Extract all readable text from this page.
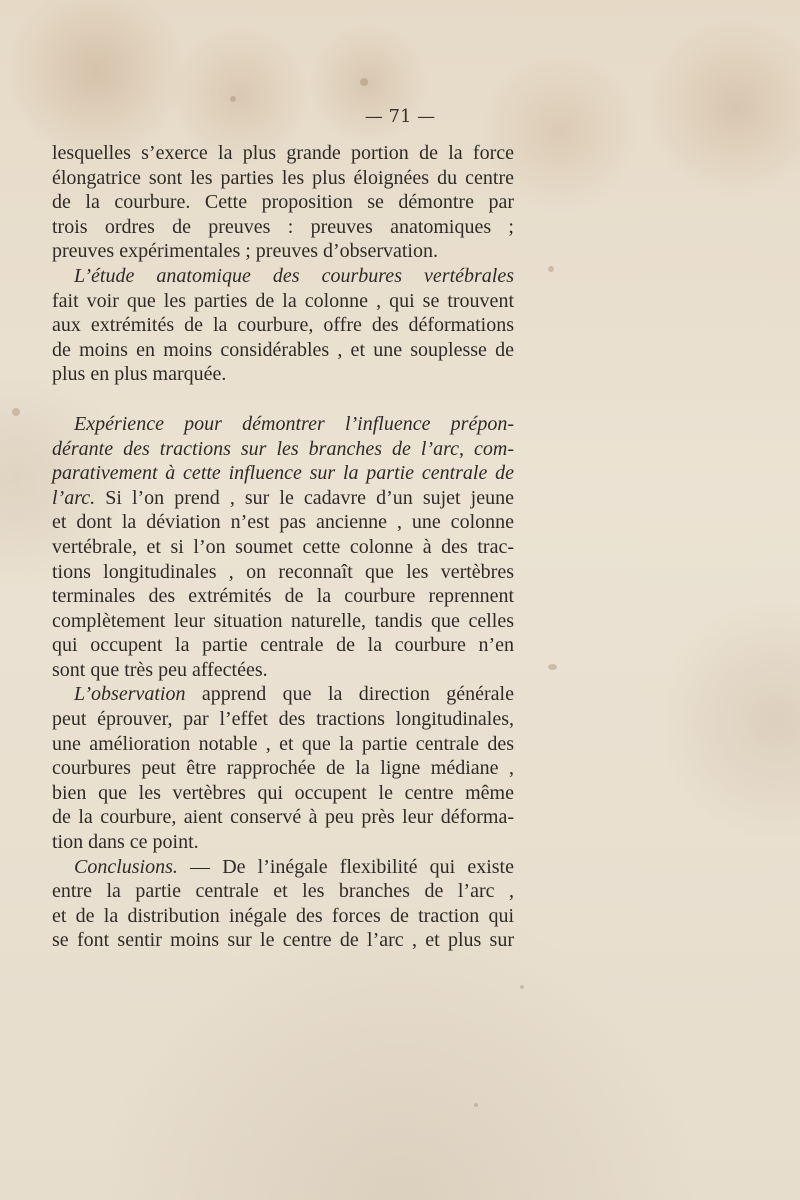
— 71 —
lesquelles s’exerce la plus grande portion de la force
élongatrice sont les parties les plus éloignées du centre
de la courbure. Cette proposition se démontre par
trois ordres de preuves : preuves anatomiques ;
preuves expérimentales ; preuves d’observation.
L’étude anatomique des courbures vertébrales
fait voir que les parties de la colonne , qui se trouvent
aux extrémités de la courbure, offre des déformations
de moins en moins considérables , et une souplesse de
plus en plus marquée.
Expérience pour démontrer l’influence prépon-
dérante des tractions sur les branches de l’arc, com-
parativement à cette influence sur la partie centrale de
l’arc. Si l’on prend , sur le cadavre d’un sujet jeune
et dont la déviation n’est pas ancienne , une colonne
vertébrale, et si l’on soumet cette colonne à des trac-
tions longitudinales , on reconnaît que les vertèbres
terminales des extrémités de la courbure reprennent
complètement leur situation naturelle, tandis que celles
qui occupent la partie centrale de la courbure n’en
sont que très peu affectées.
L’observation apprend que la direction générale
peut éprouver, par l’effet des tractions longitudinales,
une amélioration notable , et que la partie centrale des
courbures peut être rapprochée de la ligne médiane ,
bien que les vertèbres qui occupent le centre même
de la courbure, aient conservé à peu près leur déforma-
tion dans ce point.
Conclusions. — De l’inégale flexibilité qui existe
entre la partie centrale et les branches de l’arc ,
et de la distribution inégale des forces de traction qui
se font sentir moins sur le centre de l’arc , et plus sur
